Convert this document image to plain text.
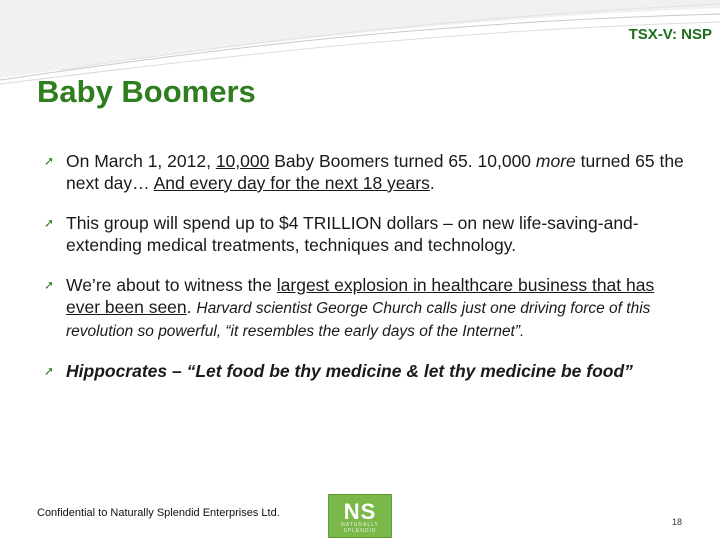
TSX-V: NSP
Baby Boomers
➚ On March 1, 2012, 10,000 Baby Boomers turned 65. 10,000 more turned 65 the next day… And every day for the next 18 years.
➚ This group will spend up to $4 TRILLION dollars – on new life-saving-and-extending medical treatments, techniques and technology.
➚ We’re about to witness the largest explosion in healthcare business that has ever been seen. Harvard scientist George Church calls just one driving force of this revolution so powerful, “it resembles the early days of the Internet”.
➚ Hippocrates – “Let food be thy medicine & let thy medicine be food”
Confidential to Naturally Splendid Enterprises Ltd.	NS
NATURALLY SPLENDID
18
